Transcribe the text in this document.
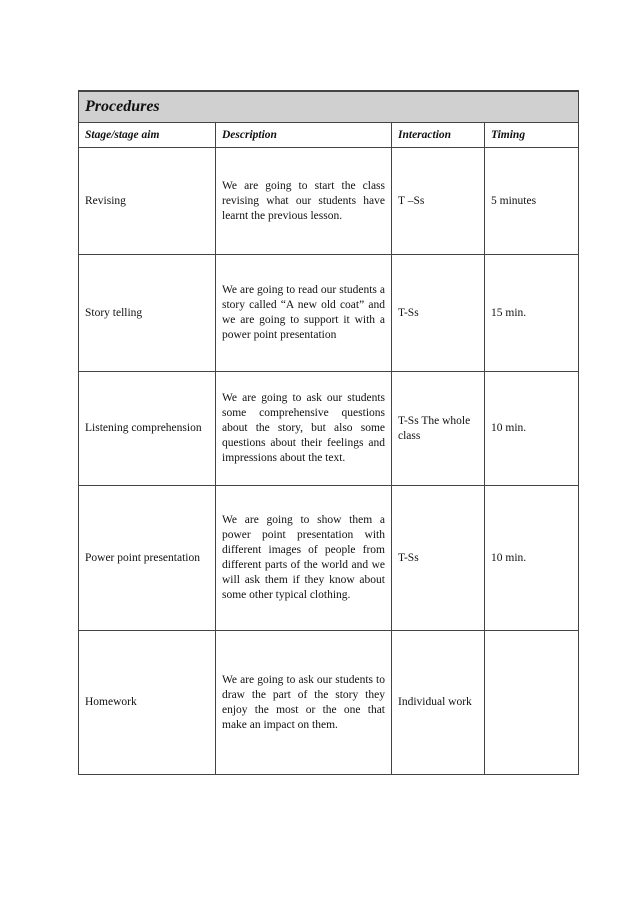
Procedures			
Stage/stage aim	Description	Interaction	Timing
Revising	We are going to start the class revising what our students have learnt the previous lesson.	T –Ss	5 minutes
Story telling	We are going to read our students a story called “A new old coat” and we are going to support it with a power point presentation	T-Ss	15 min.
Listening comprehension	We are going to ask our students some comprehensive questions about the story, but also some questions about their feelings and impressions about the text.	T-Ss The whole class	10 min.
Power point presentation	We are going to show them a power point presentation with different images of people from different parts of the world and we will ask them if they know about some other typical clothing.	T-Ss	10 min.
Homework	We are going to ask our students to draw the part of the story they enjoy the most or the one that make an impact on them.	Individual work	
